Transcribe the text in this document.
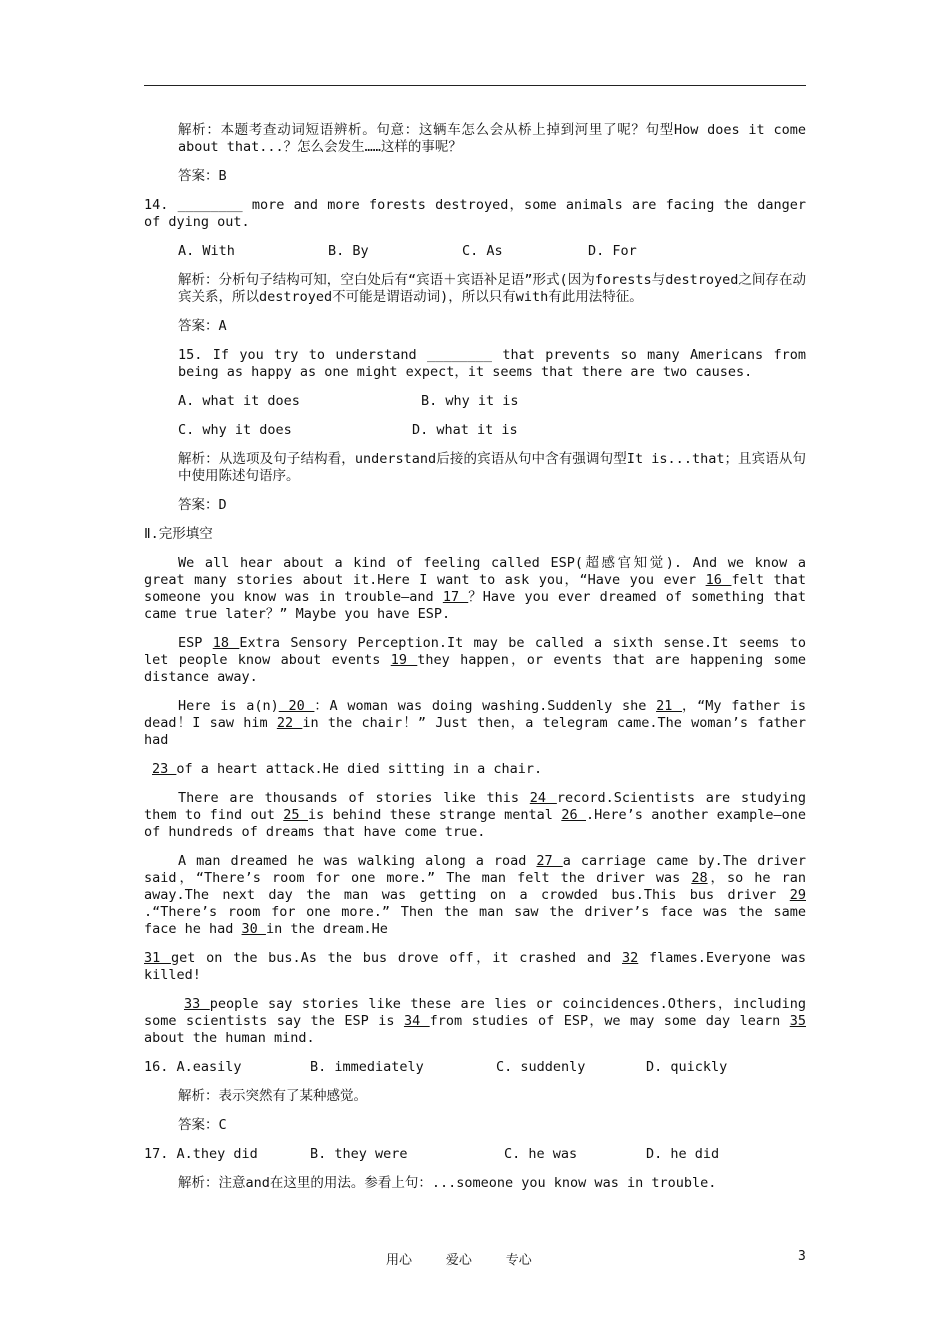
解析：本题考查动词短语辨析。句意：这辆车怎么会从桥上掉到河里了呢？句型How does it come about that...？怎么会发生……这样的事呢？

答案：B

14. ________ more and more forests destroyed，some animals are facing the danger of dying out.

A. With	B. By	C. As	D. For

解析：分析句子结构可知，空白处后有“宾语＋宾语补足语”形式(因为forests与destroyed之间存在动宾关系，所以destroyed不可能是谓语动词)，所以只有with有此用法特征。

答案：A

15. If you try to understand ________ that prevents so many Americans from being as happy as one might expect，it seems that there are two causes.

A. what it does	B. why it is
C. why it does	D. what it is

解析：从选项及句子结构看，understand后接的宾语从句中含有强调句型It is...that；且宾语从句中使用陈述句语序。

答案：D

Ⅱ.完形填空

We all hear about a kind of feeling called ESP(超感官知觉). And we know a great many stories about it.Here I want to ask you，“Have you ever 16 felt that someone you know was in trouble—and 17 ？Have you ever dreamed of something that came true later？” Maybe you have ESP.

ESP 18 Extra Sensory Perception.It may be called a sixth sense.It seems to let people know about events 19 they happen，or events that are happening some distance away.

Here is a(n) 20 ：A woman was doing washing.Suddenly she 21 ，“My father is dead！I saw him 22 in the chair！” Just then，a telegram came.The woman’s father had

23 of a heart attack.He died sitting in a chair.

There are thousands of stories like this 24 record.Scientists are studying them to find out 25 is behind these strange mental 26 .Here’s another example—one of hundreds of dreams that have come true.

A man dreamed he was walking along a road 27 a carriage came by.The driver said，“There’s room for one more.” The man felt the driver was 28，so he ran away.The next day the man was getting on a crowded bus.This bus driver 29 .“There’s room for one more.” Then the man saw the driver’s face was the same face he had 30 in the dream.He

31 get on the bus.As the bus drove off，it crashed and 32 flames.Everyone was killed!

33 people say stories like these are lies or coincidences.Others，including some scientists say the ESP is 34 from studies of ESP，we may some day learn 35 about the human mind.

16. A.easily	B. immediately	C. suddenly	D. quickly

解析：表示突然有了某种感觉。

答案：C

17. A.they did	B. they were	C. he was	D. he did

解析：注意and在这里的用法。参看上句：...someone you know was in trouble.

用心	爱心	专心	3
